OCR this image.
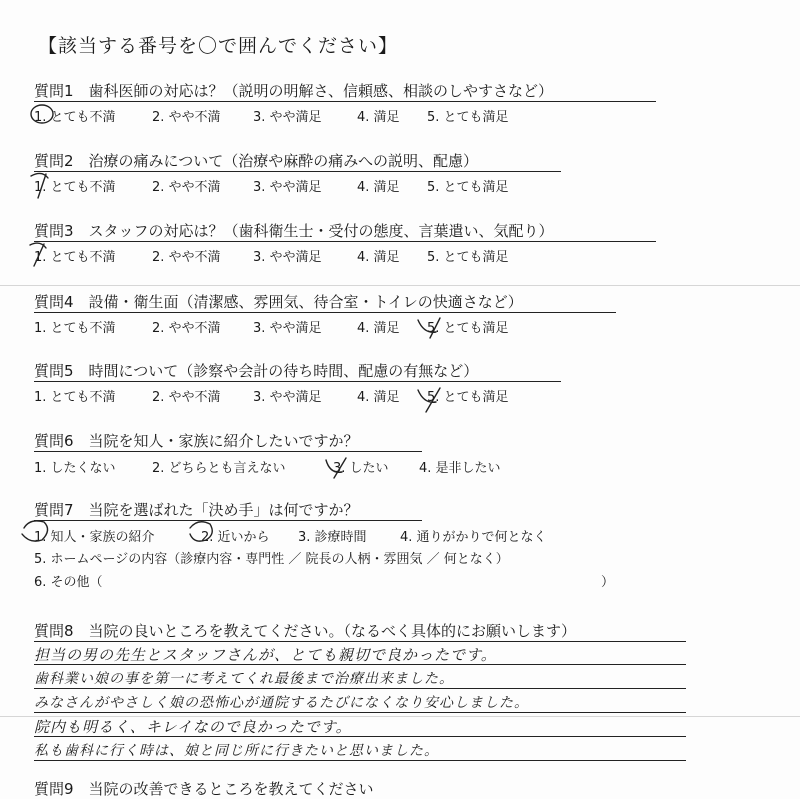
【該当する番号を〇で囲んでください】
質問1　歯科医師の対応は？（説明の明解さ、信頼感、相談のしやすさなど）
1. とても不満	2. やや不満 3. やや満足	4. 満足 5. とても満足
質問2　治療の痛みについて（治療や麻酔の痛みへの説明、配慮）
1. とても不満	2. やや不満 3. やや満足	4. 満足 5. とても満足
質問3　スタッフの対応は？（歯科衛生士・受付の態度、言葉遣い、気配り）
1. とても不満	2. やや不満 3. やや満足	4. 満足 5. とても満足
質問4　設備・衛生面（清潔感、雰囲気、待合室・トイレの快適さなど）
1. とても不満	2. やや不満 3. やや満足	4. 満足 5. とても満足
質問5　時間について（診察や会計の待ち時間、配慮の有無など）
1. とても不満	2. やや不満 3. やや満足	4. 満足 5. とても満足
質問6　当院を知人・家族に紹介したいですか？
1. したくない	2. どちらとも言えない	3. したい 4. 是非したい
質問7　当院を選ばれた「決め手」は何ですか？
1. 知人・家族の紹介	2. 近いから 3. 診療時間	4. 通りがかりで何となく
5. ホームページの内容（診療内容・専門性 ／ 院長の人柄・雰囲気 ／ 何となく）
6. その他（	）
質問8　当院の良いところを教えてください。（なるべく具体的にお願いします）
担当の男の先生とスタッフさんが、とても親切で良かったです。
歯科業い娘の事を第一に考えてくれ最後まで治療出来ました。
みなさんがやさしく娘の恐怖心が通院するたびになくなり安心しました。
院内も明るく、キレイなので良かったです。
私も歯科に行く時は、娘と同じ所に行きたいと思いました。
質問9　当院の改善できるところを教えてください
